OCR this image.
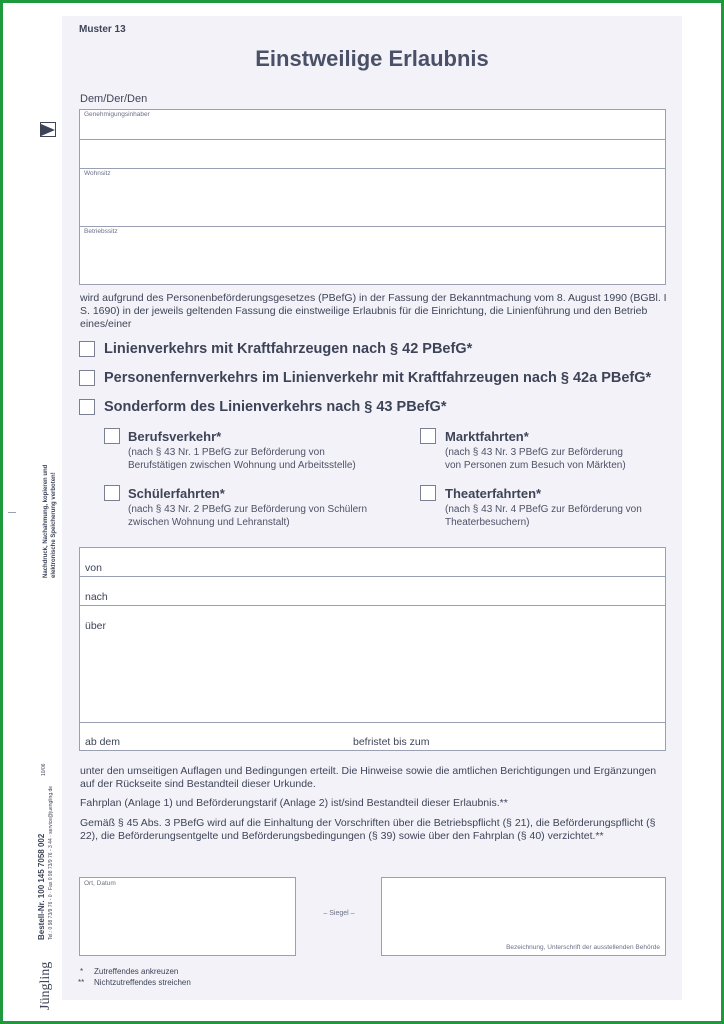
Nachdruck, Nachahmung, kopieren und elektronische Speicherung verboten!
Bestell-Nr. 100 145 7058 002 Tel.: 0 98 73/9 76 - 0 · Fax 0 98 73/9 76 - 3 44 · service@juengling.de
10/06
Jüngling
Muster 13
Einstweilige Erlaubnis
Dem/Der/Den
Genehmigungsinhaber
Wohnsitz
Betriebssitz
wird aufgrund des Personenbeförderungsgesetzes (PBefG) in der Fassung der Bekanntmachung vom 8. August 1990 (BGBl. I S. 1690) in der jeweils geltenden Fassung die einstweilige Erlaubnis für die Einrichtung, die Linienführung und den Betrieb eines/einer
Linienverkehrs mit Kraftfahrzeugen nach § 42 PBefG*
Personenfernverkehrs im Linienverkehr mit Kraftfahrzeugen nach § 42a PBefG*
Sonderform des Linienverkehrs nach § 43 PBefG*
Berufsverkehr*
(nach § 43 Nr. 1 PBefG zur Beförderung von
Berufstätigen zwischen Wohnung und Arbeitsstelle)
Marktfahrten*
(nach § 43 Nr. 3 PBefG zur Beförderung
von Personen zum Besuch von Märkten)
Schülerfahrten*
(nach § 43 Nr. 2 PBefG zur Beförderung von Schülern
zwischen Wohnung und Lehranstalt)
Theaterfahrten*
(nach § 43 Nr. 4 PBefG zur Beförderung von
Theaterbesuchern)
von
nach
über
ab dem	befristet bis zum
unter den umseitigen Auflagen und Bedingungen erteilt. Die Hinweise sowie die amtlichen Berichtigungen und Ergänzungen auf der Rückseite sind Bestandteil dieser Urkunde.
Fahrplan (Anlage 1) und Beförderungstarif (Anlage 2) ist/sind Bestandteil dieser Erlaubnis.**
Gemäß § 45 Abs. 3 PBefG wird auf die Einhaltung der Vorschriften über die Betriebspflicht (§ 21), die Beförderungspflicht (§ 22), die Beförderungsentgelte und Beförderungsbedingungen (§ 39) sowie über den Fahrplan (§ 40) verzichtet.**
Ort, Datum
– Siegel –
Bezeichnung, Unterschrift der ausstellenden Behörde
* Zutreffendes ankreuzen
** Nichtzutreffendes streichen
